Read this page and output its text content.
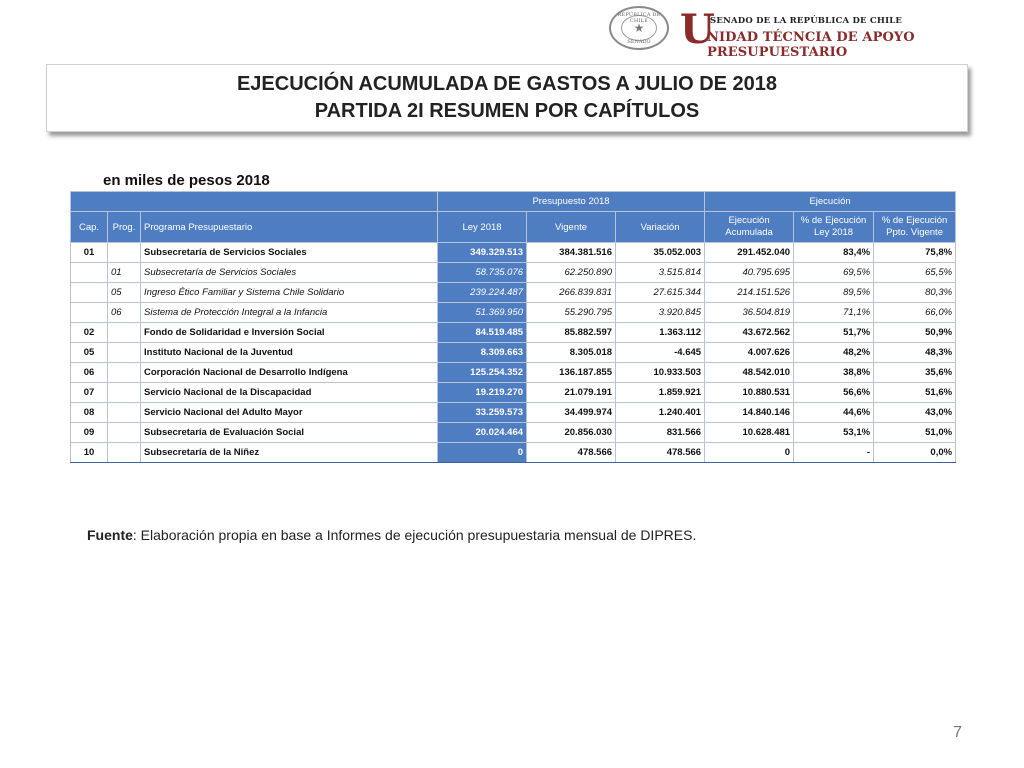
REPÚBLICA DE CHILE
★
SENADO U
SENADO DE LA REPÚBLICA DE CHILE
NIDAD TÉCNCIA DE APOYO PRESUPUESTARIO
EJECUCIÓN ACUMULADA DE GASTOS A JULIO DE 2018
PARTIDA 2I RESUMEN POR CAPÍTULOS
en miles de pesos 2018
			Presupuesto 2018			Ejecución		
Cap.	Prog.	Programa Presupuestario	Ley 2018	Vigente	Variación	Ejecución Acumulada	% de Ejecución Ley 2018	% de Ejecución Ppto. Vigente
01		Subsecretaría de Servicios Sociales	349.329.513	384.381.516	35.052.003	291.452.040	83,4%	75,8%
	01	Subsecretaría de Servicios Sociales	58.735.076	62.250.890	3.515.814	40.795.695	69,5%	65,5%
	05	Ingreso Ético Familiar y Sistema Chile Solidario	239.224.487	266.839.831	27.615.344	214.151.526	89,5%	80,3%
	06	Sistema de Protección Integral a la Infancia	51.369.950	55.290.795	3.920.845	36.504.819	71,1%	66,0%
02		Fondo de Solidaridad e Inversión Social	84.519.485	85.882.597	1.363.112	43.672.562	51,7%	50,9%
05		Instituto Nacional de la Juventud	8.309.663	8.305.018	-4.645	4.007.626	48,2%	48,3%
06		Corporación Nacional de Desarrollo Indígena	125.254.352	136.187.855	10.933.503	48.542.010	38,8%	35,6%
07		Servicio Nacional de la Discapacidad	19.219.270	21.079.191	1.859.921	10.880.531	56,6%	51,6%
08		Servicio Nacional del Adulto Mayor	33.259.573	34.499.974	1.240.401	14.840.146	44,6%	43,0%
09		Subsecretaría de Evaluación Social	20.024.464	20.856.030	831.566	10.628.481	53,1%	51,0%
10		Subsecretaría de la Niñez	0	478.566	478.566	0	-	0,0%
Fuente: Elaboración propia en base a Informes de ejecución presupuestaria mensual de DIPRES.
7
